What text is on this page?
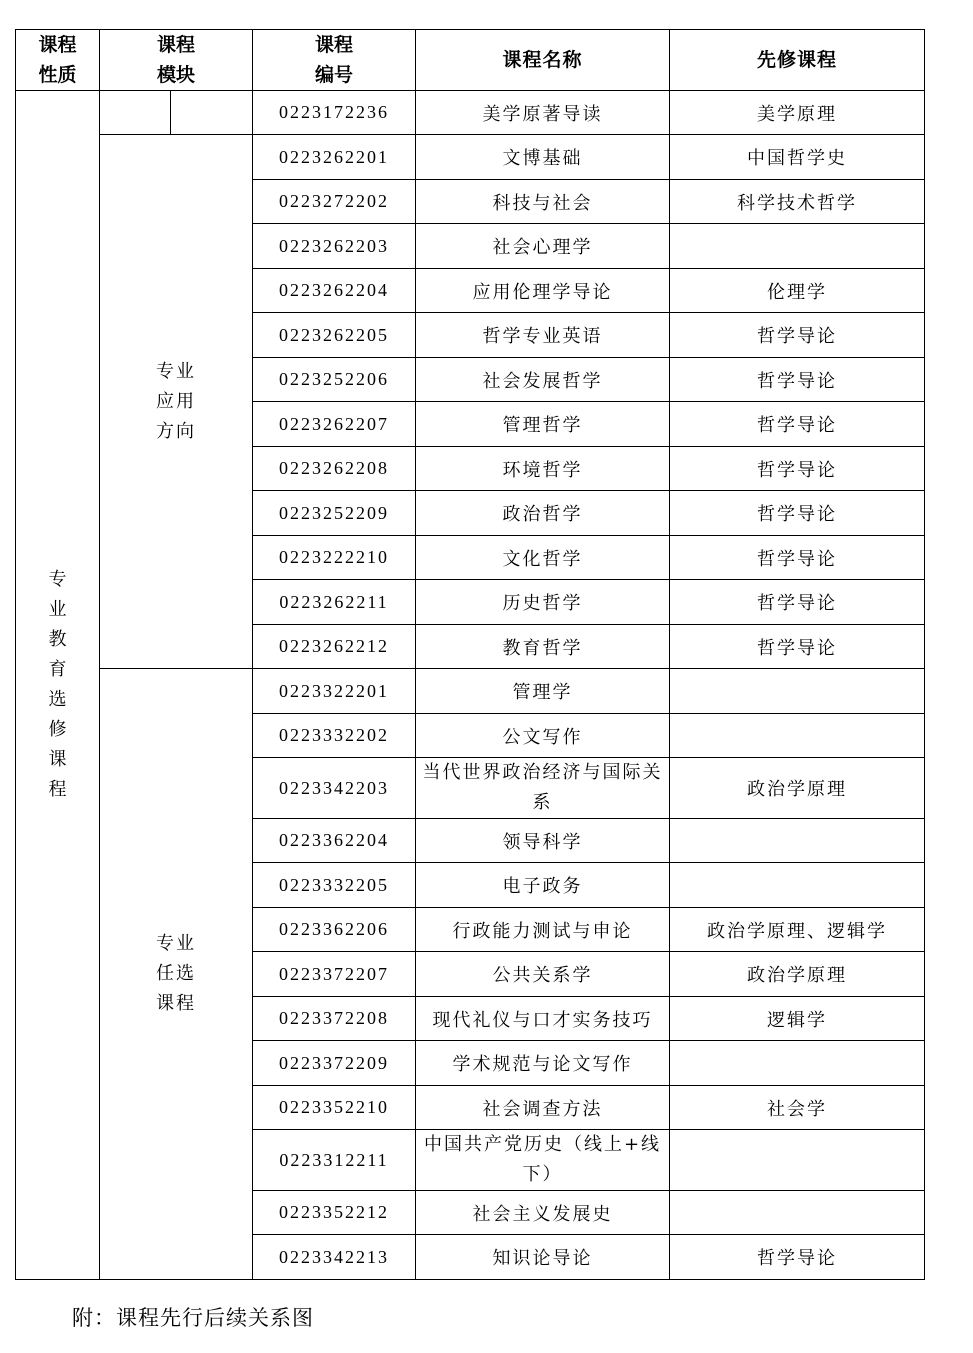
课程性质	课程模块		课程编号	课程名称	先修课程
专业教育选修课程			0223172236	美学原著导读	美学原理
	专业应用方向		0223262201	文博基础	中国哲学史
			0223272202	科技与社会	科学技术哲学
			0223262203	社会心理学	
			0223262204	应用伦理学导论	伦理学
			0223262205	哲学专业英语	哲学导论
			0223252206	社会发展哲学	哲学导论
			0223262207	管理哲学	哲学导论
			0223262208	环境哲学	哲学导论
			0223252209	政治哲学	哲学导论
			0223222210	文化哲学	哲学导论
			0223262211	历史哲学	哲学导论
			0223262212	教育哲学	哲学导论
	专业任选课程		0223322201	管理学	
			0223332202	公文写作	
			0223342203	当代世界政治经济与国际关系	政治学原理
			0223362204	领导科学	
			0223332205	电子政务	
			0223362206	行政能力测试与申论	政治学原理、逻辑学
			0223372207	公共关系学	政治学原理
			0223372208	现代礼仪与口才实务技巧	逻辑学
			0223372209	学术规范与论文写作	
			0223352210	社会调查方法	社会学
			0223312211	中国共产党历史（线上+线下）	
			0223352212	社会主义发展史	
			0223342213	知识论导论	哲学导论
附：课程先行后续关系图
